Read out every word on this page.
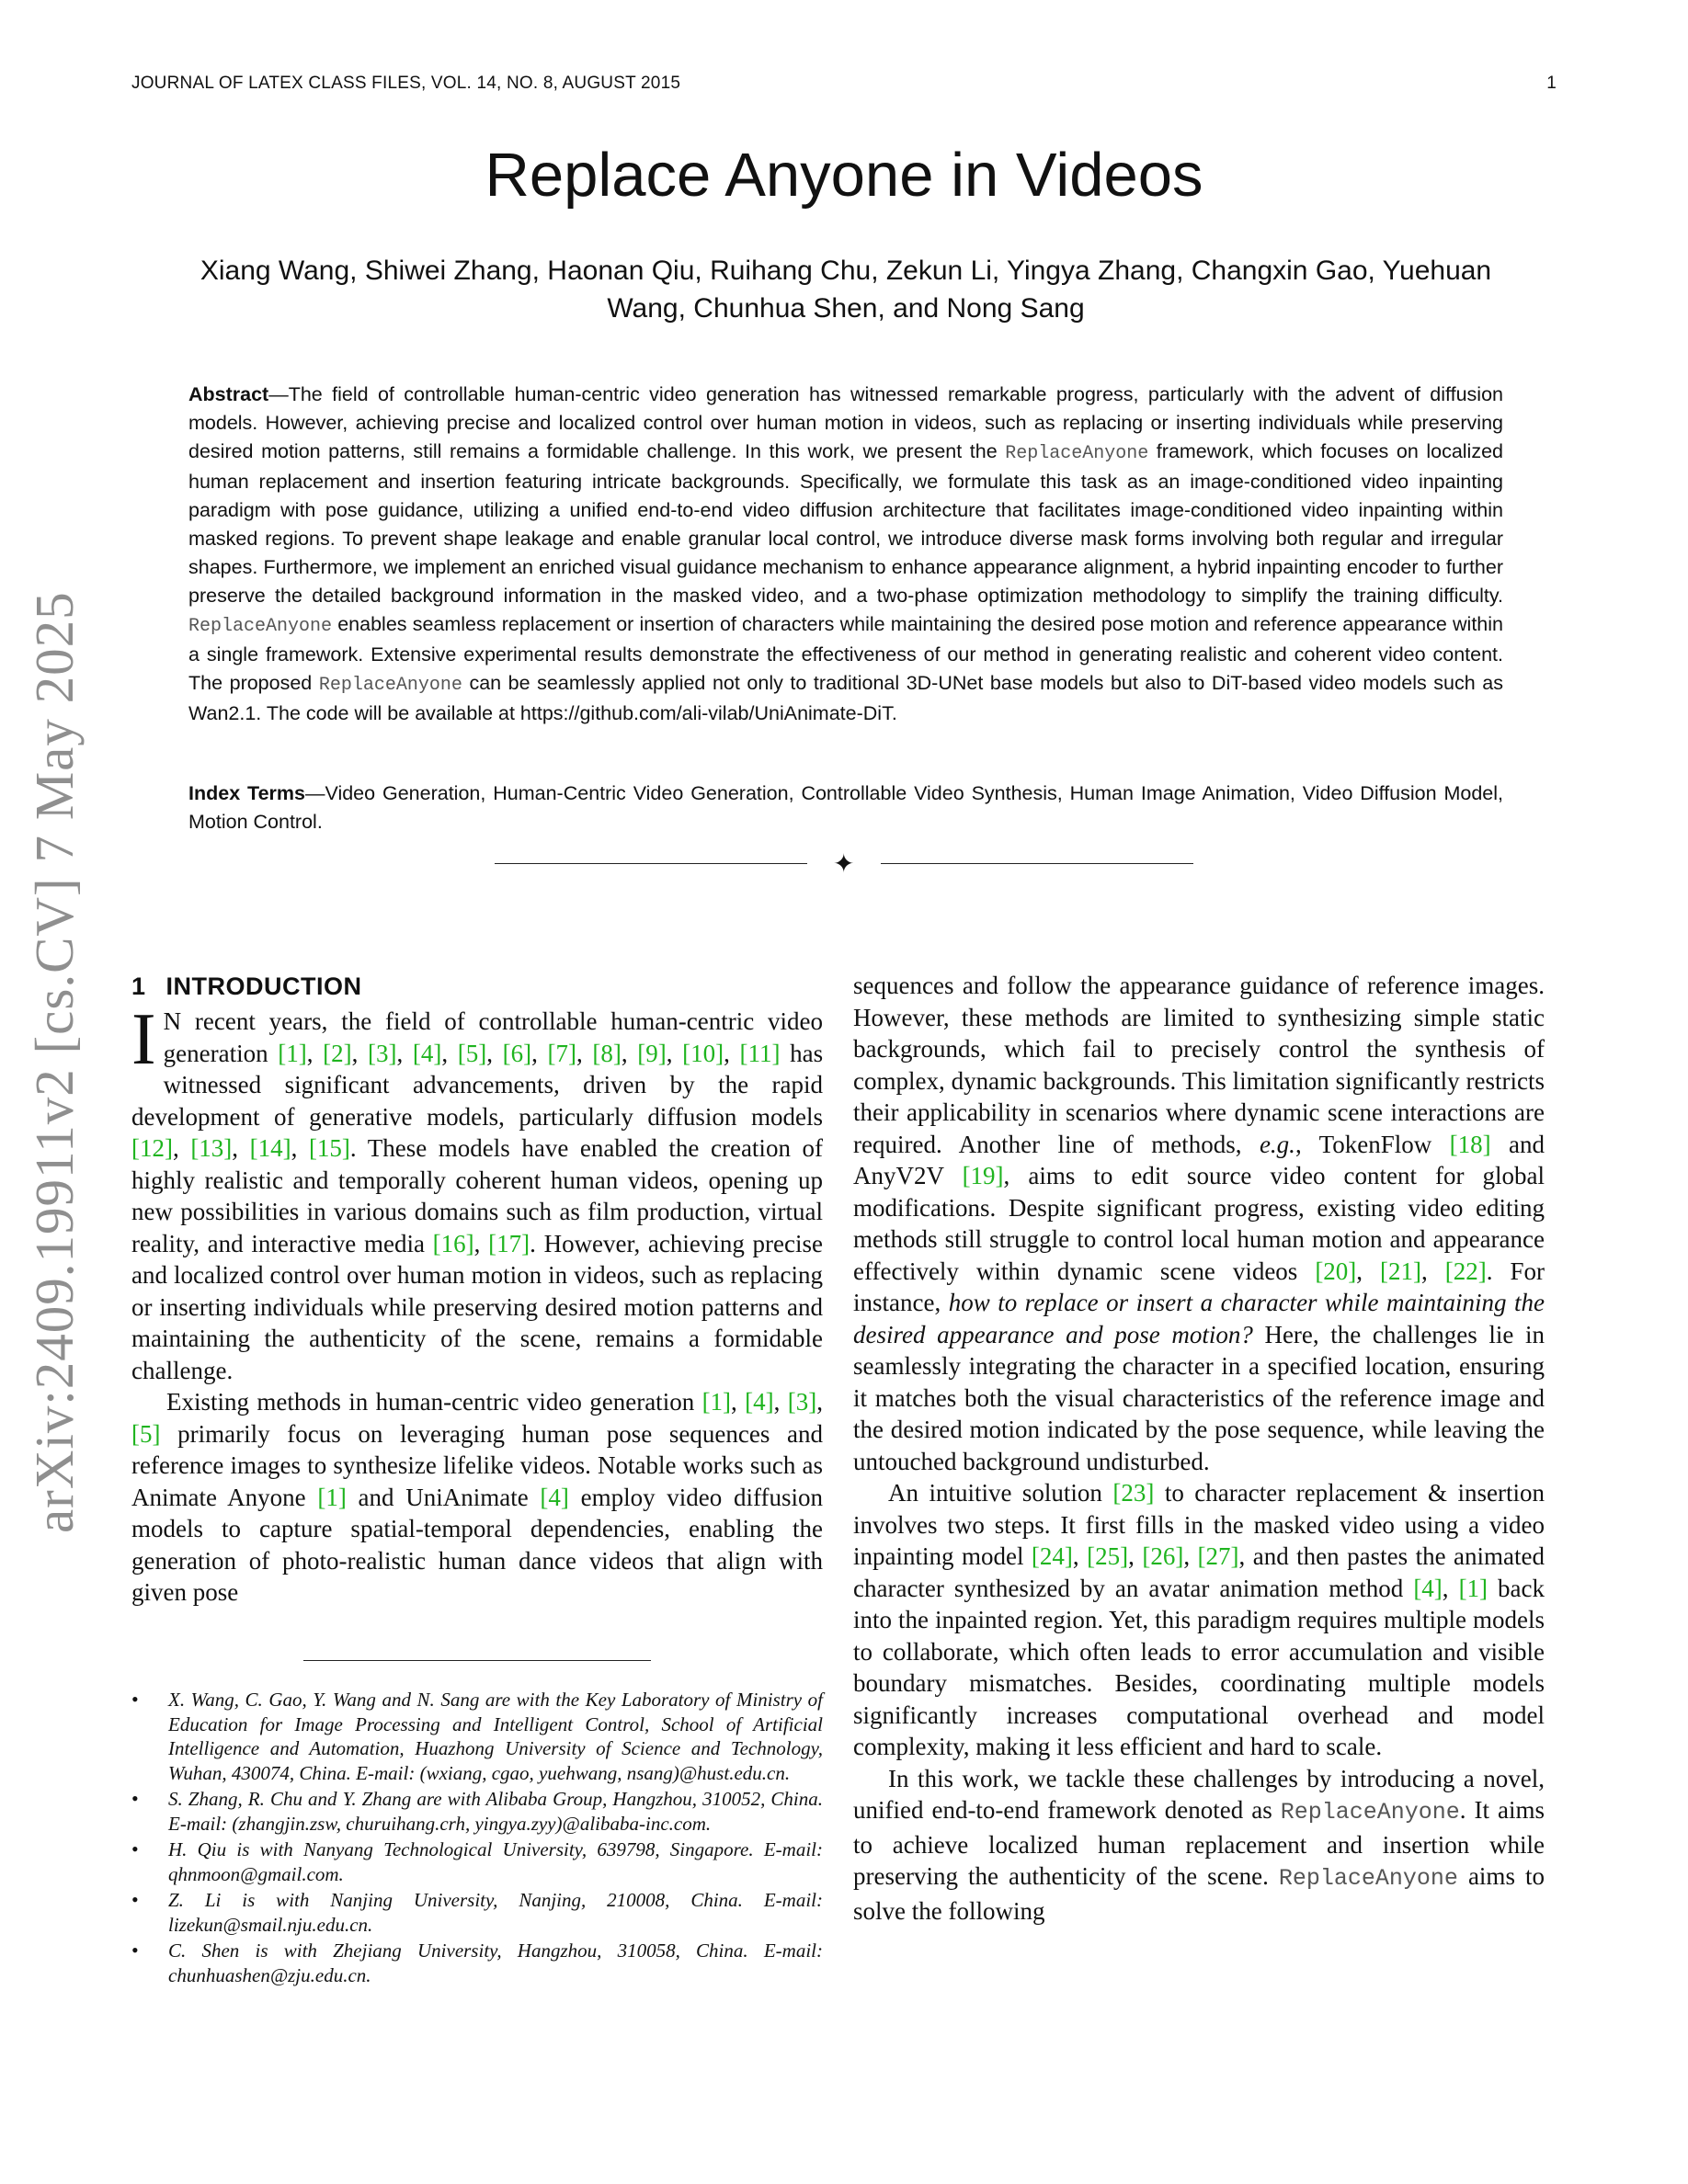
JOURNAL OF LATEX CLASS FILES, VOL. 14, NO. 8, AUGUST 2015	1
arXiv:2409.19911v2 [cs.CV] 7 May 2025
Replace Anyone in Videos
Xiang Wang, Shiwei Zhang, Haonan Qiu, Ruihang Chu, Zekun Li, Yingya Zhang, Changxin Gao, Yuehuan Wang, Chunhua Shen, and Nong Sang
Abstract—The field of controllable human-centric video generation has witnessed remarkable progress, particularly with the advent of diffusion models. However, achieving precise and localized control over human motion in videos, such as replacing or inserting individuals while preserving desired motion patterns, still remains a formidable challenge. In this work, we present the ReplaceAnyone framework, which focuses on localized human replacement and insertion featuring intricate backgrounds. Specifically, we formulate this task as an image-conditioned video inpainting paradigm with pose guidance, utilizing a unified end-to-end video diffusion architecture that facilitates image-conditioned video inpainting within masked regions. To prevent shape leakage and enable granular local control, we introduce diverse mask forms involving both regular and irregular shapes. Furthermore, we implement an enriched visual guidance mechanism to enhance appearance alignment, a hybrid inpainting encoder to further preserve the detailed background information in the masked video, and a two-phase optimization methodology to simplify the training difficulty. ReplaceAnyone enables seamless replacement or insertion of characters while maintaining the desired pose motion and reference appearance within a single framework. Extensive experimental results demonstrate the effectiveness of our method in generating realistic and coherent video content. The proposed ReplaceAnyone can be seamlessly applied not only to traditional 3D-UNet base models but also to DiT-based video models such as Wan2.1. The code will be available at https://github.com/ali-vilab/UniAnimate-DiT.
Index Terms—Video Generation, Human-Centric Video Generation, Controllable Video Synthesis, Human Image Animation, Video Diffusion Model, Motion Control.
✦
1 INTRODUCTION

I N recent years, the field of controllable human-centric video generation [1], [2], [3], [4], [5], [6], [7], [8], [9], [10], [11] has witnessed significant advancements, driven by the rapid development of generative models, particularly diffusion models [12], [13], [14], [15]. These models have enabled the creation of highly realistic and temporally coherent human videos, opening up new possibilities in various domains such as film production, virtual reality, and interactive media [16], [17]. However, achieving precise and localized control over human motion in videos, such as replacing or inserting individuals while preserving desired motion patterns and maintaining the authenticity of the scene, remains a formidable challenge.

Existing methods in human-centric video generation [1], [4], [3], [5] primarily focus on leveraging human pose sequences and reference images to synthesize lifelike videos. Notable works such as Animate Anyone [1] and UniAnimate [4] employ video diffusion models to capture spatial-temporal dependencies, enabling the generation of photo-realistic human dance videos that align with given pose

• X. Wang, C. Gao, Y. Wang and N. Sang are with the Key Laboratory of Ministry of Education for Image Processing and Intelligent Control, School of Artificial Intelligence and Automation, Huazhong University of Science and Technology, Wuhan, 430074, China. E-mail: (wxiang, cgao, yuehwang, nsang)@hust.edu.cn.
• S. Zhang, R. Chu and Y. Zhang are with Alibaba Group, Hangzhou, 310052, China. E-mail: (zhangjin.zsw, churuihang.crh, yingya.zyy)@alibaba-inc.com.
• H. Qiu is with Nanyang Technological University, 639798, Singapore. E-mail: qhnmoon@gmail.com.
• Z. Li is with Nanjing University, Nanjing, 210008, China. E-mail: lizekun@smail.nju.edu.cn.
• C. Shen is with Zhejiang University, Hangzhou, 310058, China. E-mail: chunhuashen@zju.edu.cn.

sequences and follow the appearance guidance of reference images. However, these methods are limited to synthesizing simple static backgrounds, which fail to precisely control the synthesis of complex, dynamic backgrounds. This limitation significantly restricts their applicability in scenarios where dynamic scene interactions are required. Another line of methods, e.g., TokenFlow [18] and AnyV2V [19], aims to edit source video content for global modifications. Despite significant progress, existing video editing methods still struggle to control local human motion and appearance effectively within dynamic scene videos [20], [21], [22]. For instance, how to replace or insert a character while maintaining the desired appearance and pose motion? Here, the challenges lie in seamlessly integrating the character in a specified location, ensuring it matches both the visual characteristics of the reference image and the desired motion indicated by the pose sequence, while leaving the untouched background undisturbed.

An intuitive solution [23] to character replacement & insertion involves two steps. It first fills in the masked video using a video inpainting model [24], [25], [26], [27], and then pastes the animated character synthesized by an avatar animation method [4], [1] back into the inpainted region. Yet, this paradigm requires multiple models to collaborate, which often leads to error accumulation and visible boundary mismatches. Besides, coordinating multiple models significantly increases computational overhead and model complexity, making it less efficient and hard to scale.

In this work, we tackle these challenges by introducing a novel, unified end-to-end framework denoted as ReplaceAnyone. It aims to achieve localized human replacement and insertion while preserving the authenticity of the scene. ReplaceAnyone aims to solve the following
